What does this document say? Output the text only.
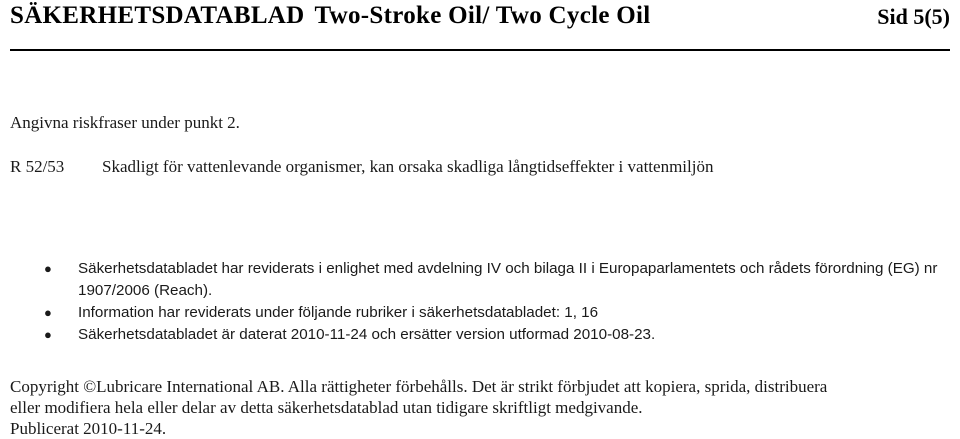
SÄKERHETSDATABLAD Two-Stroke Oil/ Two Cycle Oil	Sid 5(5)
Angivna riskfraser under punkt 2.
R 52/53 Skadligt för vattenlevande organismer, kan orsaka skadliga långtidseffekter i vattenmiljön
● Säkerhetsdatabladet har reviderats i enlighet med avdelning IV och bilaga II i Europaparlamentets och rådets förordning (EG) nr 1907/2006 (Reach).
● Information har reviderats under följande rubriker i säkerhetsdatabladet: 1, 16
● Säkerhetsdatabladet är daterat 2010-11-24 och ersätter version utformad 2010-08-23.
Copyright ©Lubricare International AB. Alla rättigheter förbehålls. Det är strikt förbjudet att kopiera, sprida, distribuera
eller modifiera hela eller delar av detta säkerhetsdatablad utan tidigare skriftligt medgivande.
Publicerat 2010-11-24.
